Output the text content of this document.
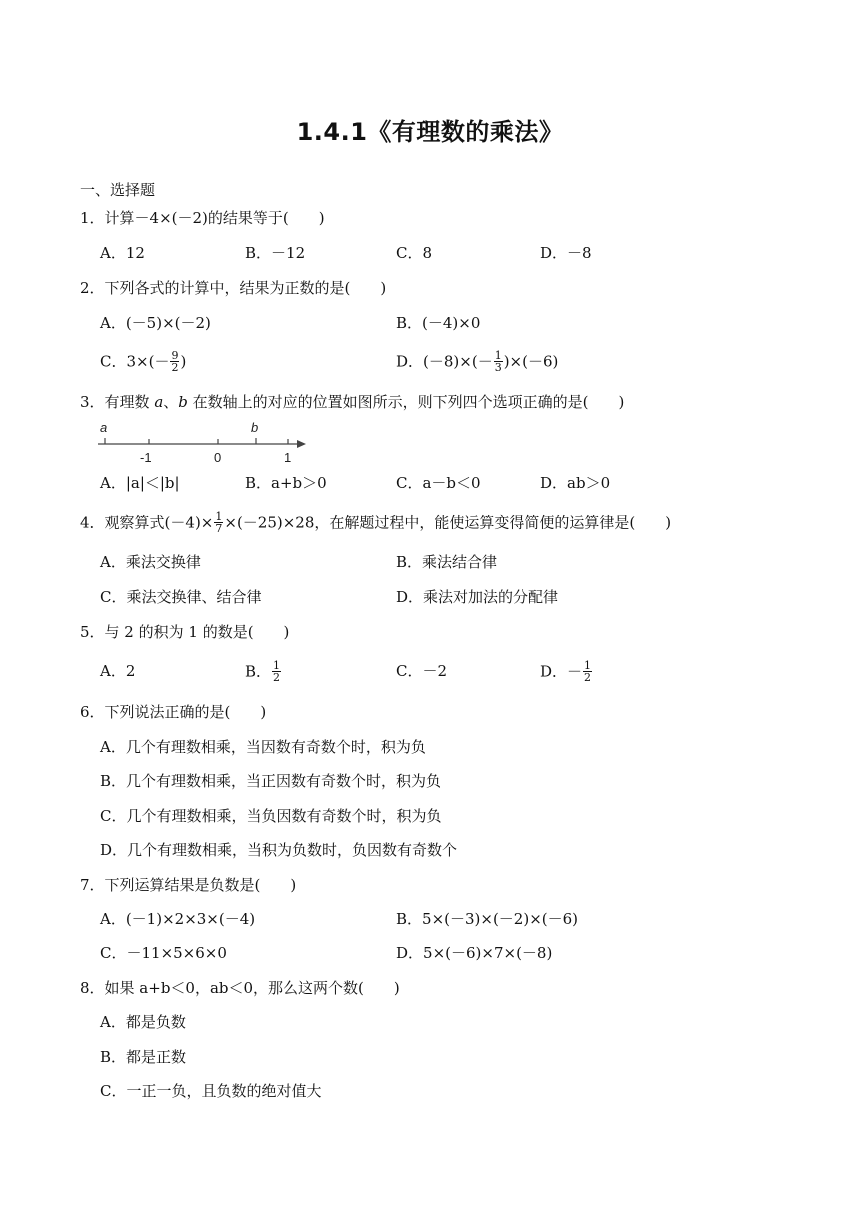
1.4.1《有理数的乘法》
一、选择题
1．计算－4×(－2)的结果等于(　　)
A．12	B．－12	C．8	D．－8
2．下列各式的计算中，结果为正数的是(　　)
A．(－5)×(－2)	B．(－4)×0
C．$3\times(- \frac{9}{2}$ )	D．$(-8)\times(- \frac{1}{3} )\times(-6)$
3．有理数 a、b 在数轴上的对应的位置如图所示，则下列四个选项正确的是(　　)
a	b
-1	0	1
A．|a|＜|b|	B．a+b＞0	C．a－b＜0	D．ab＞0
4．观察算式$(-4)\times \frac{1}{7} \times(-25)\times 28$，在解题过程中，能使运算变得简便的运算律是(　　)
A．乘法交换律	B．乘法结合律
C．乘法交换律、结合律	D．乘法对加法的分配律
5．与 2 的积为 1 的数是(　　)
A．2	B． $\frac{1}{2}$	C．－2	D．－ $\frac{1}{2}$
6．下列说法正确的是(　　)
A．几个有理数相乘，当因数有奇数个时，积为负
B．几个有理数相乘，当正因数有奇数个时，积为负
C．几个有理数相乘，当负因数有奇数个时，积为负
D．几个有理数相乘，当积为负数时，负因数有奇数个
7．下列运算结果是负数是(　　)
A．(－1)×2×3×(－4)	B．5×(－3)×(－2)×(－6)
C．－11×5×6×0	D．5×(－6)×7×(－8)
8．如果 a+b＜0，ab＜0，那么这两个数(　　)
A．都是负数
B．都是正数
C．一正一负，且负数的绝对值大
